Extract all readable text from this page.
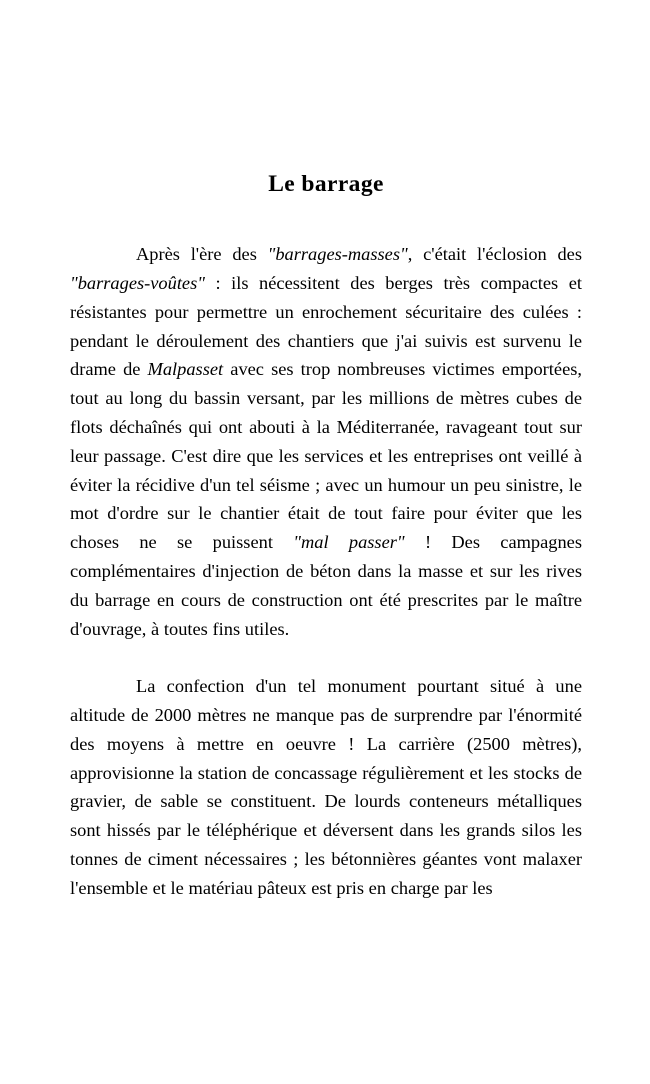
Le barrage

Après l'ère des "barrages-masses", c'était l'éclosion des "barrages-voûtes" : ils nécessitent des berges très compactes et résistantes pour permettre un enrochement sécuritaire des culées : pendant le déroulement des chantiers que j'ai suivis est survenu le drame de Malpasset avec ses trop nombreuses victimes emportées, tout au long du bassin versant, par les millions de mètres cubes de flots déchaînés qui ont abouti à la Méditerranée, ravageant tout sur leur passage. C'est dire que les services et les entreprises ont veillé à éviter la récidive d'un tel séisme ; avec un humour un peu sinistre, le mot d'ordre sur le chantier était de tout faire pour éviter que les choses ne se puissent "mal passer" ! Des campagnes complémentaires d'injection de béton dans la masse et sur les rives du barrage en cours de construction ont été prescrites par le maître d'ouvrage, à toutes fins utiles.

La confection d'un tel monument pourtant situé à une altitude de 2000 mètres ne manque pas de surprendre par l'énormité des moyens à mettre en oeuvre ! La carrière (2500 mètres), approvisionne la station de concassage régulièrement et les stocks de gravier, de sable se constituent. De lourds conteneurs métalliques sont hissés par le téléphérique et déversent dans les grands silos les tonnes de ciment nécessaires ; les bétonnières géantes vont malaxer l'ensemble et le matériau pâteux est pris en charge par les
